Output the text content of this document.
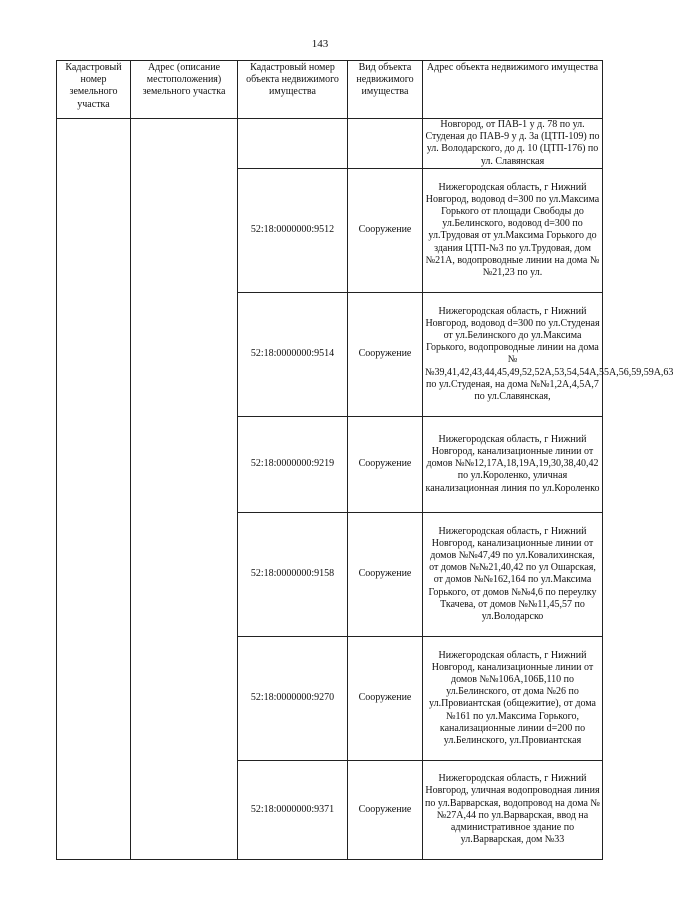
143
Кадастровый номер земельного участка	Адрес (описание местоположения) земельного участка	Кадастровый номер объекта недвижимого имущества	Вид объекта недвижимого имущества	Адрес объекта недвижимого имущества
				Новгород, от ПАВ-1 у д. 78 по ул. Студеная до ПАВ-9 у д. 3а (ЦТП-109) по ул. Володарского, до д. 10 (ЦТП-176) по ул. Славянская
		52:18:0000000:9512	Сооружение	Нижегородская область, г Нижний Новгород, водовод d=300 по ул.Максима Горького от площади Свободы до ул.Белинского, водовод d=300 по ул.Трудовая от ул.Максима Горького до здания ЦТП-№3 по ул.Трудовая, дом №21А, водопроводные линии на дома №№21,23 по ул.
		52:18:0000000:9514	Сооружение	Нижегородская область, г Нижний Новгород, водовод d=300 по ул.Студеная от ул.Белинского до ул.Максима Горького, водопроводные линии на дома №№39,41,42,43,44,45,49,52,52А,53,54,54А,55А,56,59,59А,63 по ул.Студеная, на дома №№1,2А,4,5А,7 по ул.Славянская,
		52:18:0000000:9219	Сооружение	Нижегородская область, г Нижний Новгород, канализационные линии от домов №№12,17А,18,19А,19,30,38,40,42 по ул.Короленко, уличная канализационная линия по ул.Короленко
		52:18:0000000:9158	Сооружение	Нижегородская область, г Нижний Новгород, канализационные линии от домов №№47,49 по ул.Ковалихинская, от домов №№21,40,42 по ул Ошарская, от домов №№162,164 по ул.Максима Горького, от домов №№4,6 по переулку Ткачева, от домов №№11,45,57 по ул.Володарско
		52:18:0000000:9270	Сооружение	Нижегородская область, г Нижний Новгород, канализационные линии от домов №№106А,106Б,110 по ул.Белинского, от дома №26 по ул.Провиантская (общежитие), от дома №161 по ул.Максима Горького, канализационные линии d=200 по ул.Белинского, ул.Провиантская
		52:18:0000000:9371	Сооружение	Нижегородская область, г Нижний Новгород, уличная водопроводная линия по ул.Варварская, водопровод на дома №№27А,44 по ул.Варварская, ввод на административное здание по ул.Варварская, дом №33
